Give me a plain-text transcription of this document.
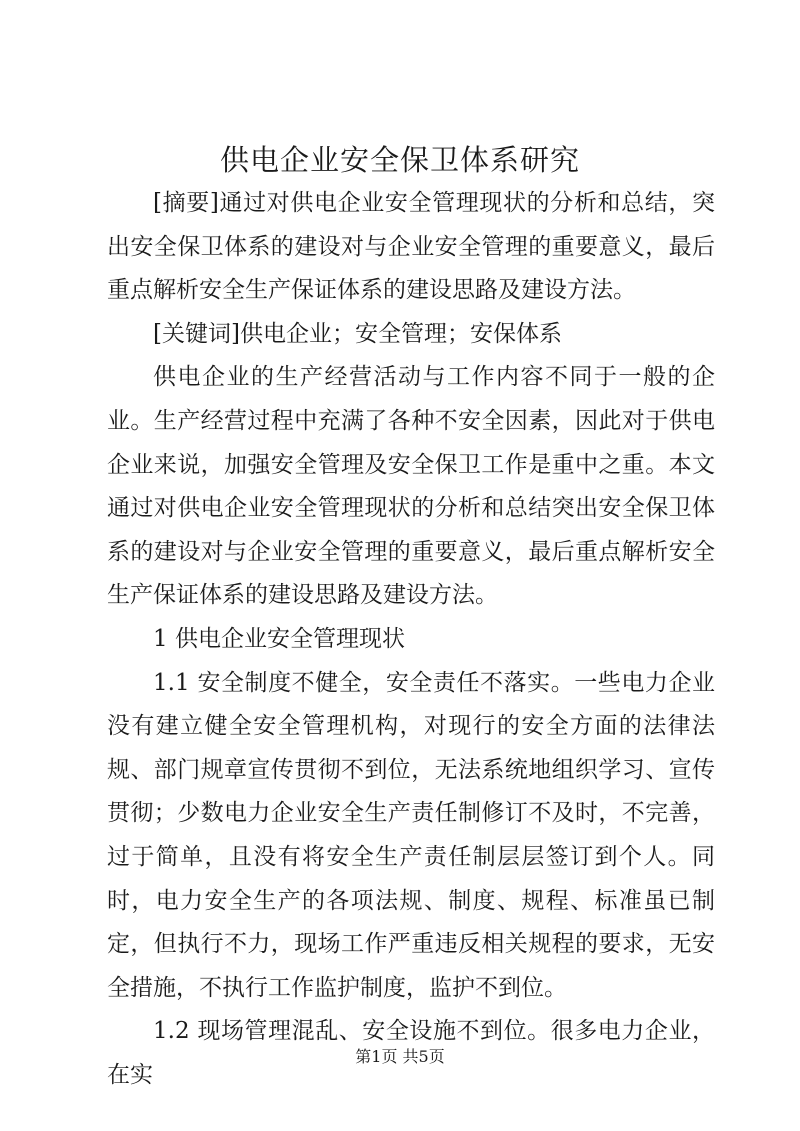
供电企业安全保卫体系研究

[摘要]通过对供电企业安全管理现状的分析和总结，突出安全保卫体系的建设对与企业安全管理的重要意义，最后重点解析安全生产保证体系的建设思路及建设方法。

[关键词]供电企业；安全管理；安保体系

供电企业的生产经营活动与工作内容不同于一般的企业。生产经营过程中充满了各种不安全因素，因此对于供电企业来说，加强安全管理及安全保卫工作是重中之重。本文通过对供电企业安全管理现状的分析和总结突出安全保卫体系的建设对与企业安全管理的重要意义，最后重点解析安全生产保证体系的建设思路及建设方法。

1 供电企业安全管理现状

1.1 安全制度不健全，安全责任不落实。一些电力企业没有建立健全安全管理机构，对现行的安全方面的法律法规、部门规章宣传贯彻不到位，无法系统地组织学习、宣传贯彻；少数电力企业安全生产责任制修订不及时，不完善，过于简单，且没有将安全生产责任制层层签订到个人。同时，电力安全生产的各项法规、制度、规程、标准虽已制定，但执行不力，现场工作严重违反相关规程的要求，无安全措施，不执行工作监护制度，监护不到位。

1.2 现场管理混乱、安全设施不到位。很多电力企业，在实

第1页 共5页
